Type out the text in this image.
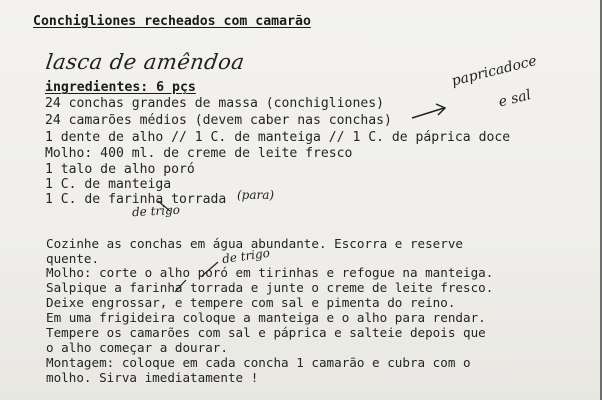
Conchigliones recheados com camarão
lasca de amêndoa
ingredientes: 6 pçs
24 conchas grandes de massa (conchigliones)
24 camarões médios (devem caber nas conchas)
1 dente de alho // 1 C. de manteiga // 1 C. de páprica doce
Molho: 400 ml. de creme de leite fresco
1 talo de alho poró
1 C. de manteiga
1 C. de farinha torrada (para)
de trigo
papricadoce
e sal
Cozinhe as conchas em água abundante. Escorra e reserve
quente.
Molho: corte o alho poró em tirinhas e refogue na manteiga.
Salpique a farinha torrada e junte o creme de leite fresco.
Deixe engrossar, e tempere com sal e pimenta do reino.
Em uma frigideira coloque a manteiga e o alho para rendar.
Tempere os camarões com sal e páprica e salteie depois que
o alho começar a dourar.
Montagem: coloque em cada concha 1 camarão e cubra com o
molho. Sirva imediatamente !
de trigo
